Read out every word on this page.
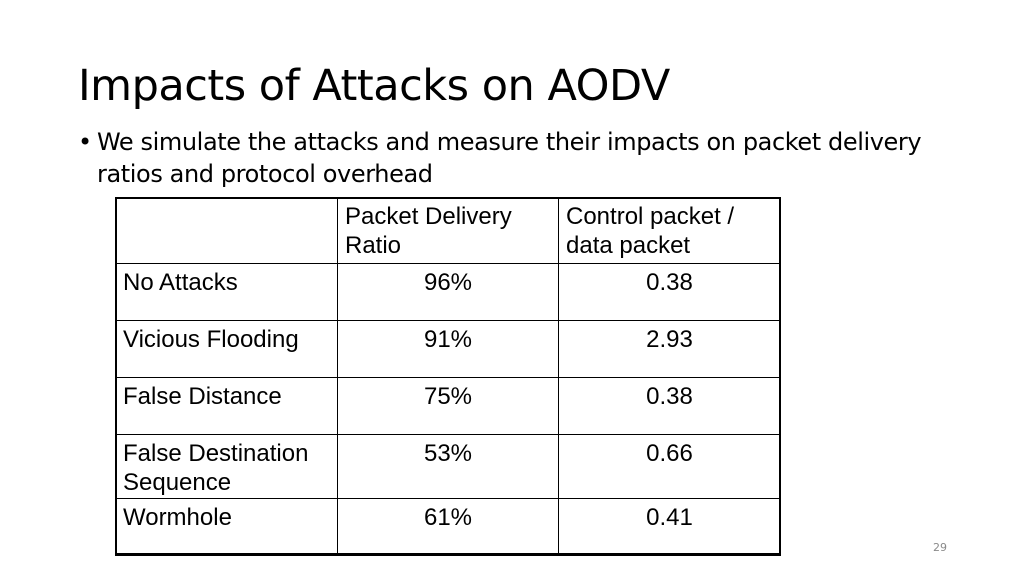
Impacts of Attacks on AODV
• We simulate the attacks and measure their impacts on packet delivery ratios and protocol overhead
	Packet Delivery Ratio	Control packet / data packet
No Attacks	96%	0.38
Vicious Flooding	91%	2.93
False Distance	75%	0.38
False Destination Sequence	53%	0.66
Wormhole	61%	0.41
29
